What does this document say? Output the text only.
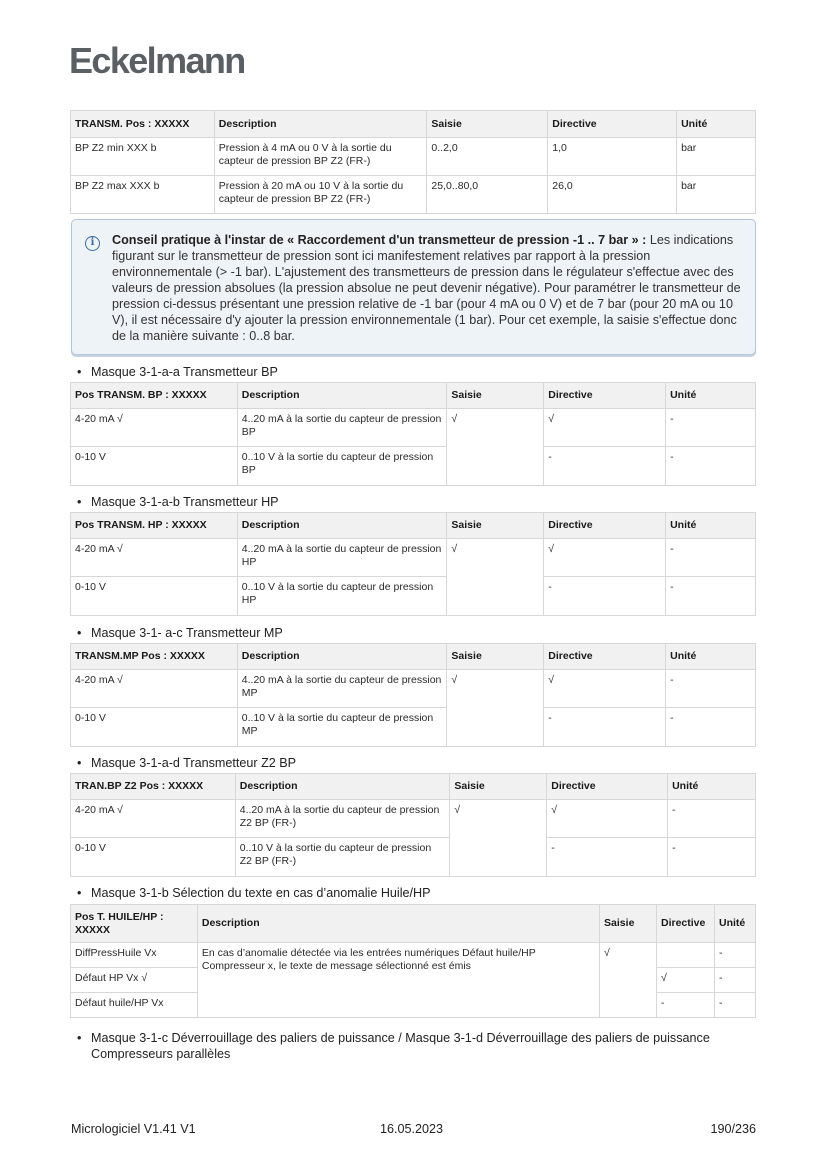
Eckelmann
TRANSM. Pos : XXXXX	Description	Saisie	Directive	Unité
BP Z2 min XXX b	Pression à 4 mA ou 0 V à la sortie du capteur de pression BP Z2 (FR-)	0..2,0	1,0	bar
BP Z2 max XXX b	Pression à 20 mA ou 10 V à la sortie du capteur de pression BP Z2 (FR-)	25,0..80,0	26,0	bar
i	Conseil pratique à l'instar de « Raccordement d'un transmetteur de pression -1 .. 7 bar » : Les indications figurant sur le transmetteur de pression sont ici manifestement relatives par rapport à la pression environnementale (> -1 bar). L'ajustement des transmetteurs de pression dans le régulateur s'effectue avec des valeurs de pression absolues (la pression absolue ne peut devenir négative). Pour paramétrer le transmetteur de pression ci-dessus présentant une pression relative de -1 bar (pour 4 mA ou 0 V) et de 7 bar (pour 20 mA ou 10 V), il est nécessaire d'y ajouter la pression environnementale (1 bar). Pour cet exemple, la saisie s'effectue donc de la manière suivante : 0..8 bar.
• Masque 3-1-a-a Transmetteur BP
Pos TRANSM. BP : XXXXX	Description	Saisie	Directive	Unité
4-20 mA √	4..20 mA à la sortie du capteur de pression BP	√	√	-
0-10 V	0..10 V à la sortie du capteur de pression BP		-	-
• Masque 3-1-a-b Transmetteur HP
Pos TRANSM. HP : XXXXX	Description	Saisie	Directive	Unité
4-20 mA √	4..20 mA à la sortie du capteur de pression HP	√	√	-
0-10 V	0..10 V à la sortie du capteur de pression HP		-	-
• Masque 3-1- a-c Transmetteur MP
TRANSM.MP Pos : XXXXX	Description	Saisie	Directive	Unité
4-20 mA √	4..20 mA à la sortie du capteur de pression MP	√	√	-
0-10 V	0..10 V à la sortie du capteur de pression MP		-	-
• Masque 3-1-a-d Transmetteur Z2 BP
TRAN.BP Z2 Pos : XXXXX	Description	Saisie	Directive	Unité
4-20 mA √	4..20 mA à la sortie du capteur de pression Z2 BP (FR-)	√	√	-
0-10 V	0..10 V à la sortie du capteur de pression Z2 BP (FR-)		-	-
• Masque 3-1-b Sélection du texte en cas d’anomalie Huile/HP
Pos T. HUILE/HP : XXXXX	Description	Saisie	Directive	Unité
DiffPressHuile Vx	En cas d’anomalie détectée via les entrées numériques Défaut huile/HP Compresseur x, le texte de message sélectionné est émis	√		-
Défaut HP Vx √			√	-
Défaut huile/HP Vx			-	-
• Masque 3-1-c Déverrouillage des paliers de puissance / Masque 3-1-d Déverrouillage des paliers de puissance Compresseurs parallèles
Micrologiciel V1.41 V1	16.05.2023	190/236
